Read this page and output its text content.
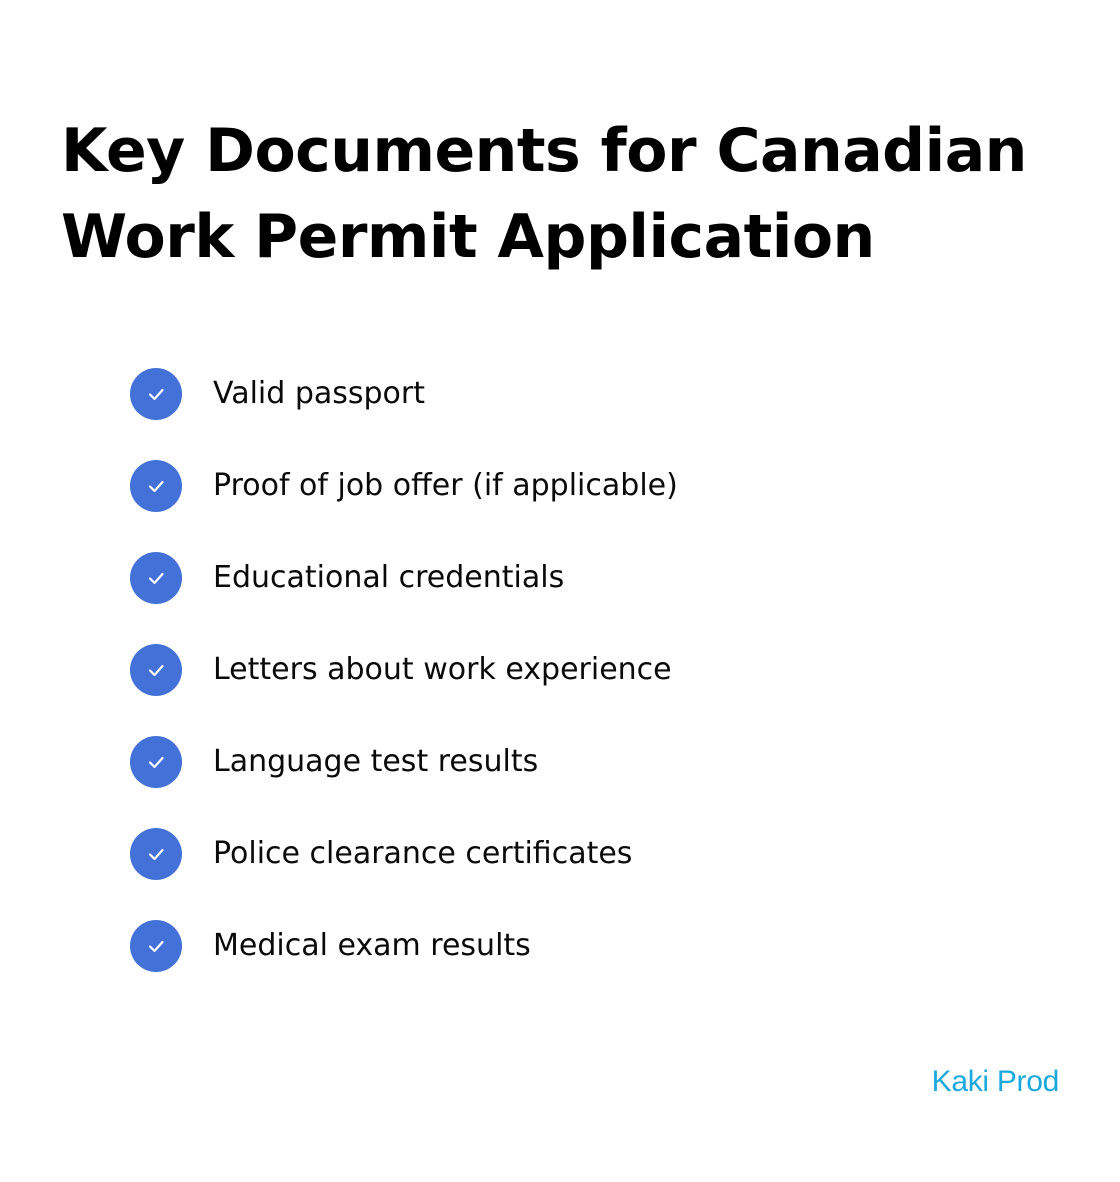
Key Documents for Canadian Work Permit Application
Valid passport
Proof of job offer (if applicable)
Educational credentials
Letters about work experience
Language test results
Police clearance certificates
Medical exam results
Kaki Prod
